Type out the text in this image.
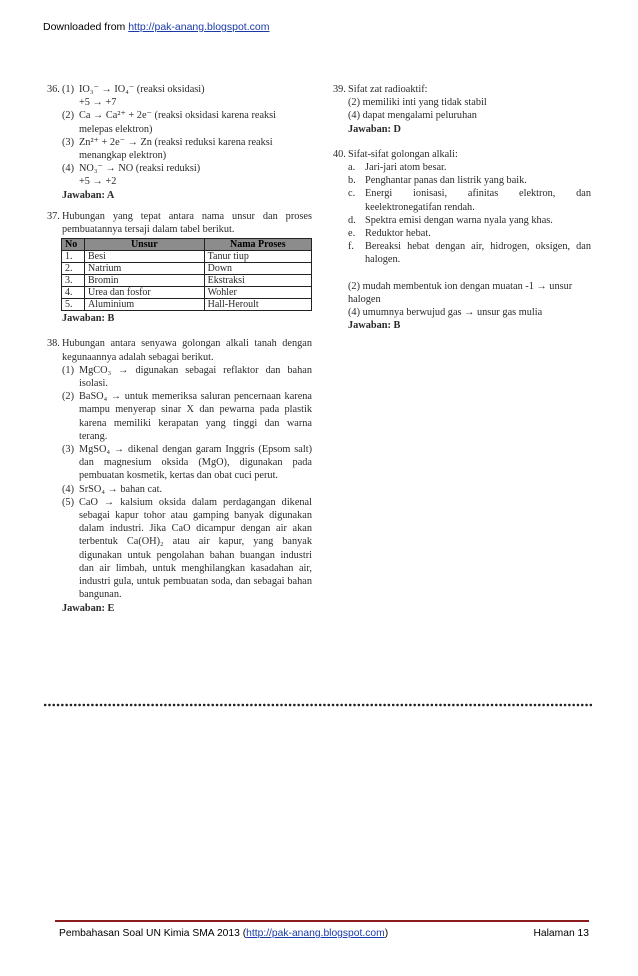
Downloaded from http://pak-anang.blogspot.com
36. (1) IO₃⁻ → IO₄⁻ (reaksi oksidasi)
+5 → +7
(2) Ca → Ca²⁺ + 2e⁻ (reaksi oksidasi karena reaksi
melepas elektron)
(3) Zn²⁺ + 2e⁻ → Zn (reaksi reduksi karena reaksi
menangkap elektron)
(4) NO₃⁻ → NO (reaksi reduksi)
+5 → +2
Jawaban: A
37. Hubungan yang tepat antara nama unsur dan proses pembuatannya tersaji dalam tabel berikut.
No	Unsur	Nama Proses
1.	Besi	Tanur tiup
2.	Natrium	Down
3.	Bromin	Ekstraksi
4.	Urea dan fosfor	Wohler
5.	Aluminium	Hall-Heroult
Jawaban: B
38. Hubungan antara senyawa golongan alkali tanah dengan kegunaannya adalah sebagai berikut.
(1) MgCO₃ → digunakan sebagai reflaktor dan bahan isolasi.
(2) BaSO₄ → untuk memeriksa saluran pencernaan karena mampu menyerap sinar X dan pewarna pada plastik karena memiliki kerapatan yang tinggi dan warna terang.
(3) MgSO₄ → dikenal dengan garam Inggris (Epsom salt) dan magnesium oksida (MgO), digunakan pada pembuatan kosmetik, kertas dan obat cuci perut.
(4) SrSO₄ → bahan cat.
(5) CaO → kalsium oksida dalam perdagangan dikenal sebagai kapur tohor atau gamping banyak digunakan dalam industri. Jika CaO dicampur dengan air akan terbentuk Ca(OH)₂ atau air kapur, yang banyak digunakan untuk pengolahan bahan buangan industri dan air limbah, untuk menghilangkan kasadahan air, industri gula, untuk pembuatan soda, dan sebagai bahan bangunan.
Jawaban: E
39. Sifat zat radioaktif:
(2) memiliki inti yang tidak stabil
(4) dapat mengalami peluruhan
Jawaban: D
40. Sifat-sifat golongan alkali:
a. Jari-jari atom besar.
b. Penghantar panas dan listrik yang baik.
c. Energi ionisasi, afinitas elektron, dan keelektronegatifan rendah.
d. Spektra emisi dengan warna nyala yang khas.
e. Reduktor hebat.
f.	Bereaksi hebat dengan air, hidrogen, oksigen, dan halogen.
(2) mudah membentuk ion dengan muatan -1 → unsur halogen
(4) umumnya berwujud gas → unsur gas mulia
Jawaban: B
Pembahasan Soal UN Kimia SMA 2013 (http://pak-anang.blogspot.com)	Halaman 13
